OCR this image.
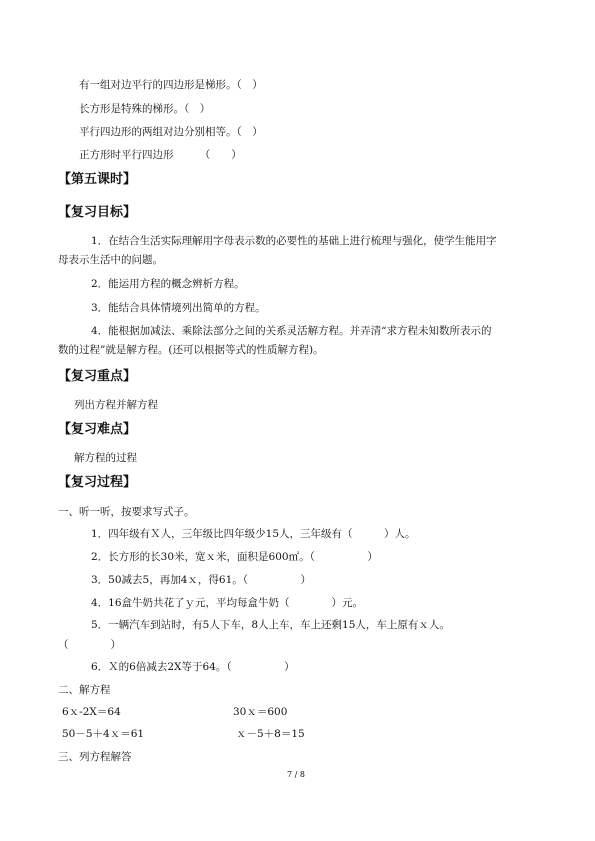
有一组对边平行的四边形是梯形。（　）
长方形是特殊的梯形。（　）
平行四边形的两组对边分别相等。（　）
正方形时平行四边形　　　（　　）
【第五课时】
【复习目标】
1．在结合生活实际理解用字母表示数的必要性的基础上进行梳理与强化，使学生能用字
母表示生活中的问题。
2．能运用方程的概念辨析方程。
3．能结合具体情境列出简单的方程。
4．能根据加减法、乘除法部分之间的关系灵活解方程。并弄清“求方程未知数所表示的
数的过程”就是解方程。(还可以根据等式的性质解方程)。
【复习重点】
列出方程并解方程
【复习难点】
解方程的过程
【复习过程】
一、听一听，按要求写式子。
1．四年级有Ｘ人，三年级比四年级少15人，三年级有（　　　）人。
2．长方形的长30米，宽ｘ米，面积是600㎡。（　　　　　）
3．50减去5，再加4ｘ，得61。（　　　　　）
4．16盒牛奶共花了ｙ元，平均每盒牛奶（　　　　）元。
5．一辆汽车到站时，有5人下车，8人上车，车上还剩15人，车上原有ｘ人。
（　　　　）
6．Ｘ的6倍减去2X等于64。（　　　　　）
二、解方程
6ｘ-2X＝64	30ｘ＝600
50－5＋4ｘ＝61	ｘ－5＋8＝15
三、列方程解答
7 / 8
